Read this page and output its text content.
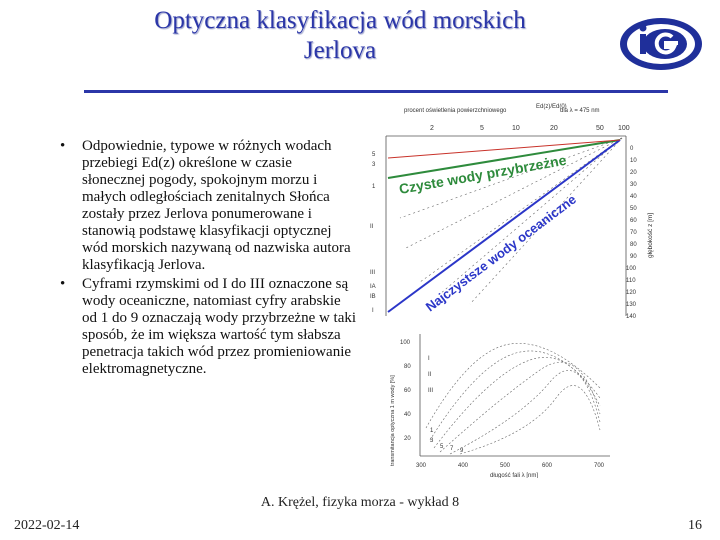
Optyczna klasyfikacja wód morskich
Jerlova
• Odpowiednie, typowe w różnych wodach przebiegi Ed(z) określone w czasie słonecznej pogody, spokojnym morzu i małych odległościach zenitalnych Słońca zostały przez Jerlova ponumerowane i stanowią podstawę klasyfikacji optycznej wód morskich nazywaną od nazwiska autora klasyfikacją Jerlova.
• Cyframi rzymskimi od I do III oznaczone są wody oceaniczne, natomiast cyfry arabskie od 1 do 9 oznaczają wody przybrzeżne w taki sposób, że im większa wartość tym słabsza penetracja takich wód przez promieniowanie elektromagnetyczne.
procent oświetlenia powierzchniowego
Ed(z)/Ed(0)
dla λ = 475 nm
2	5	10	20	50 100
5
3
1
II
III
IA
IB
I
0
10
20
30
40
50
60
70
80
90
100
110
120
130
140
głębokość z [m]
Czyste wody przybrzeżne
Najczystsze wody oceaniczne
100
80
60
40
20
300	400	500	600	700
długość fali λ [nm]
transmitancja optyczna 1 m wody [%]
I
II
III
1
3
5 7 9
A. Krężel, fizyka morza - wykład 8
2022-02-14	16
